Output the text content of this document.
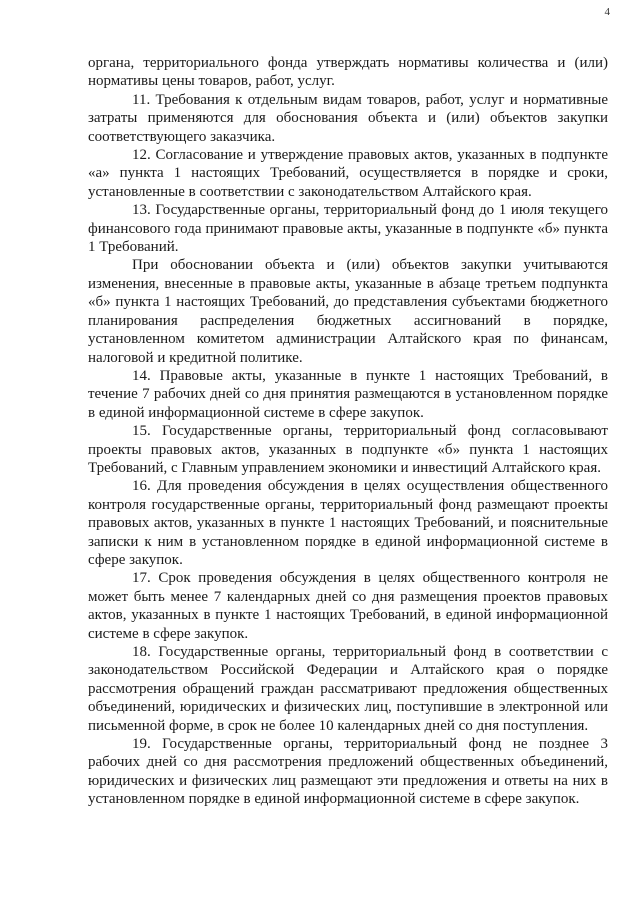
4

органа, территориального фонда утверждать нормативы количества и (или) нормативы цены товаров, работ, услуг.

11. Требования к отдельным видам товаров, работ, услуг и нормативные затраты применяются для обоснования объекта и (или) объектов закупки соответствующего заказчика.

12. Согласование и утверждение правовых актов, указанных в подпункте «а» пункта 1 настоящих Требований, осуществляется в порядке и сроки, установленные в соответствии с законодательством Алтайского края.

13. Государственные органы, территориальный фонд до 1 июля текущего финансового года принимают правовые акты, указанные в подпункте «б» пункта 1 Требований.

При обосновании объекта и (или) объектов закупки учитываются изменения, внесенные в правовые акты, указанные в абзаце третьем подпункта «б» пункта 1 настоящих Требований, до представления субъектами бюджетного планирования распределения бюджетных ассигнований в порядке, установленном комитетом администрации Алтайского края по финансам, налоговой и кредитной политике.

14. Правовые акты, указанные в пункте 1 настоящих Требований, в течение 7 рабочих дней со дня принятия размещаются в установленном порядке в единой информационной системе в сфере закупок.

15. Государственные органы, территориальный фонд согласовывают проекты правовых актов, указанных в подпункте «б» пункта 1 настоящих Требований, с Главным управлением экономики и инвестиций Алтайского края.

16. Для проведения обсуждения в целях осуществления общественного контроля государственные органы, территориальный фонд размещают проекты правовых актов, указанных в пункте 1 настоящих Требований, и пояснительные записки к ним в установленном порядке в единой информационной системе в сфере закупок.

17. Срок проведения обсуждения в целях общественного контроля не может быть менее 7 календарных дней со дня размещения проектов правовых актов, указанных в пункте 1 настоящих Требований, в единой информационной системе в сфере закупок.

18. Государственные органы, территориальный фонд в соответствии с законодательством Российской Федерации и Алтайского края о порядке рассмотрения обращений граждан рассматривают предложения общественных объединений, юридических и физических лиц, поступившие в электронной или письменной форме, в срок не более 10 календарных дней со дня поступления.

19. Государственные органы, территориальный фонд не позднее 3 рабочих дней со дня рассмотрения предложений общественных объединений, юридических и физических лиц размещают эти предложения и ответы на них в установленном порядке в единой информационной системе в сфере закупок.
